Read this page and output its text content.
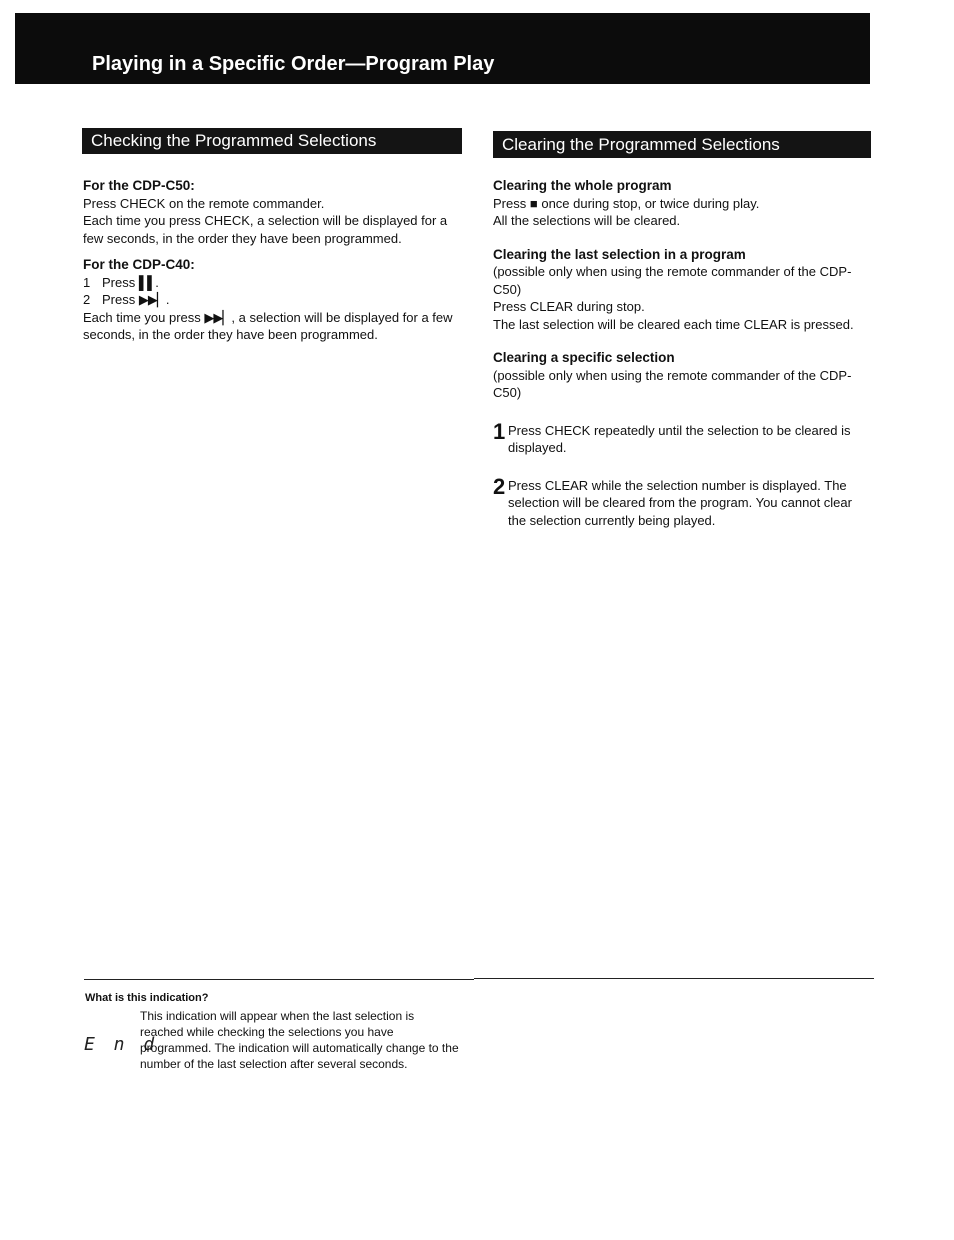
Playing in a Specific Order—Program Play
Checking the Programmed Selections	Clearing the Programmed Selections

For the CDP-C50:

Press CHECK on the remote commander.

Each time you press CHECK, a selection will be displayed for a few seconds, in the order they have been programmed.

For the CDP-C40:

1 Press
▌▌ .
2 Press
▶▶▏ .

Each time you press ▶▶▏, a selection will be displayed for a few seconds, in the order they have been programmed.

Clearing the whole program

Press ■ once during stop, or twice during play.

All the selections will be cleared.

Clearing the last selection in a program

(possible only when using the remote commander of the CDP-C50)

Press CLEAR during stop.

The last selection will be cleared each time CLEAR is pressed.

Clearing a specific selection

(possible only when using the remote commander of the CDP-C50)

1 Press CHECK repeatedly until the selection to be cleared is displayed.
2 Press CLEAR while the selection number is displayed. The selection will be cleared from the program. You cannot clear the selection currently being played.
What is this indication?
E n d
This indication will appear when the last selection is reached while checking the selections you have programmed. The indication will automatically change to the number of the last selection after several seconds.
